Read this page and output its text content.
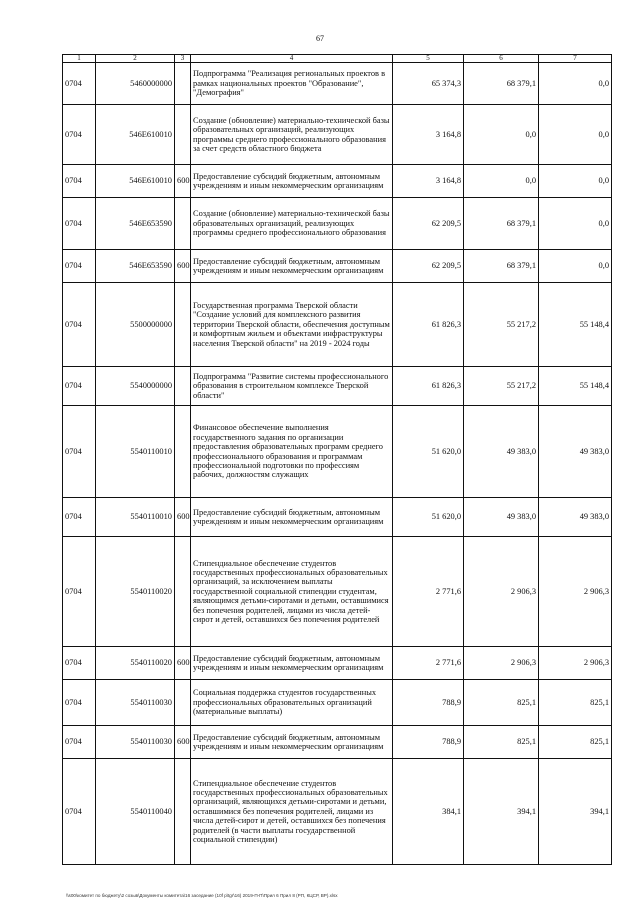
67
1	2	3	4	5	6	7
0704	5460000000		Подпрограмма "Реализация региональных проектов в рамках национальных проектов "Образование", "Демография"	65 374,3	68 379,1	0,0
0704	546E610010		Создание (обновление) материально-технической базы образовательных организаций, реализующих программы среднего профессионального образования за счет средств областного бюджета	3 164,8	0,0	0,0
0704	546E610010	600	Предоставление субсидий бюджетным, автономным учреждениям и иным некоммерческим организациям	3 164,8	0,0	0,0
0704	546E653590		Создание (обновление) материально-технической базы образовательных организаций, реализующих программы среднего профессионального образования	62 209,5	68 379,1	0,0
0704	546E653590	600	Предоставление субсидий бюджетным, автономным учреждениям и иным некоммерческим организациям	62 209,5	68 379,1	0,0
0704	5500000000		Государственная программа Тверской области "Создание условий для комплексного развития территории Тверской области, обеспечения доступным и комфортным жильем и объектами инфраструктуры населения Тверской области" на 2019 - 2024 годы	61 826,3	55 217,2	55 148,4
0704	5540000000		Подпрограмма "Развитие системы профессионального образования в строительном комплексе Тверской области"	61 826,3	55 217,2	55 148,4
0704	5540110010		Финансовое обеспечение выполнения государственного задания по организации предоставления образовательных программ среднего профессионального образования и программам профессиональной подготовки по профессиям рабочих, должностям служащих	51 620,0	49 383,0	49 383,0
0704	5540110010	600	Предоставление субсидий бюджетным, автономным учреждениям и иным некоммерческим организациям	51 620,0	49 383,0	49 383,0
0704	5540110020		Стипендиальное обеспечение студентов государственных профессиональных образовательных организаций, за исключением выплаты государственной социальной стипендии студентам, являющимся детьми-сиротами и детьми, оставшимися без попечения родителей, лицами из числа детей-сирот и детей, оставшихся без попечения родителей	2 771,6	2 906,3	2 906,3
0704	5540110020	600	Предоставление субсидий бюджетным, автономным учреждениям и иным некоммерческим организациям	2 771,6	2 906,3	2 906,3
0704	5540110030		Социальная поддержка студентов государственных профессиональных образовательных организаций (материальные выплаты)	788,9	825,1	825,1
0704	5540110030	600	Предоставление субсидий бюджетным, автономным учреждениям и иным некоммерческим организациям	788,9	825,1	825,1
0704	5540110040		Стипендиальное обеспечение студентов государственных профессиональных образовательных организаций, являющихся детьми-сиротами и детьми, оставшимися без попечения родителей, лицами из числа детей-сирот и детей, оставшихся без попечения родителей (в части выплаты государственной социальной стипендии)	384,1	394,1	394,1
\\s00\комитет по бюджету\2 созыв\Документы комитета\16 заседание (10f p\tgr\16) 2019-П-П\Прил 6 Прил 8 (РП, КЦСР, ВР).xlsx
